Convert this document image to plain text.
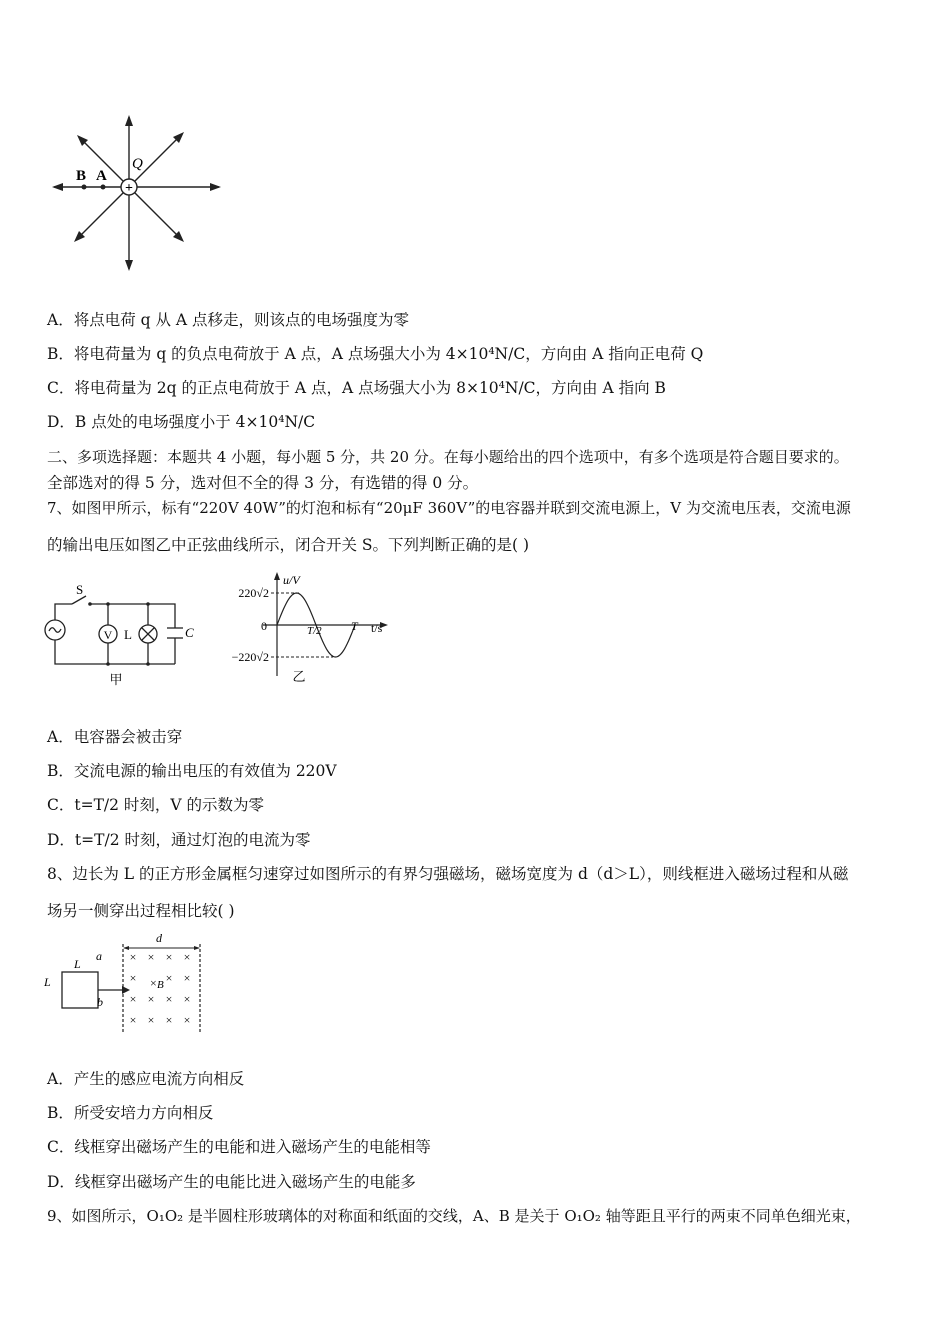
+
B A
Q
A．将点电荷 q 从 A 点移走，则该点的电场强度为零
B．将电荷量为 q 的负点电荷放于 A 点，A 点场强大小为 4×10⁴N/C，方向由 A 指向正电荷 Q
C．将电荷量为 2q 的正点电荷放于 A 点，A 点场强大小为 8×10⁴N/C，方向由 A 指向 B
D．B 点处的电场强度小于 4×10⁴N/C
二、多项选择题：本题共 4 小题，每小题 5 分，共 20 分。在每小题给出的四个选项中，有多个选项是符合题目要求的。
全部选对的得 5 分，选对但不全的得 3 分，有选错的得 0 分。
7、如图甲所示，标有“220V 40W”的灯泡和标有“20μF 360V”的电容器并联到交流电源上，V 为交流电压表，交流电源
的输出电压如图乙中正弦曲线所示，闭合开关 S。下列判断正确的是( )
S
V L	C
甲
u/V
t/s
220√2
−220√2
0	T/2 T
乙
A．电容器会被击穿
B．交流电源的输出电压的有效值为 220V
C．t=T/2 时刻，V 的示数为零
D．t=T/2 时刻，通过灯泡的电流为零
8、边长为 L 的正方形金属框匀速穿过如图所示的有界匀强磁场，磁场宽度为 d（d＞L），则线框进入磁场过程和从磁
场另一侧穿出过程相比较( )
× × × ×
× × ×
× × × ×
× × × ×
×
L
L
a
b
d
B
A．产生的感应电流方向相反
B．所受安培力方向相反
C．线框穿出磁场产生的电能和进入磁场产生的电能相等
D．线框穿出磁场产生的电能比进入磁场产生的电能多
9、如图所示，O₁O₂ 是半圆柱形玻璃体的对称面和纸面的交线，A、B 是关于 O₁O₂ 轴等距且平行的两束不同单色细光束，
